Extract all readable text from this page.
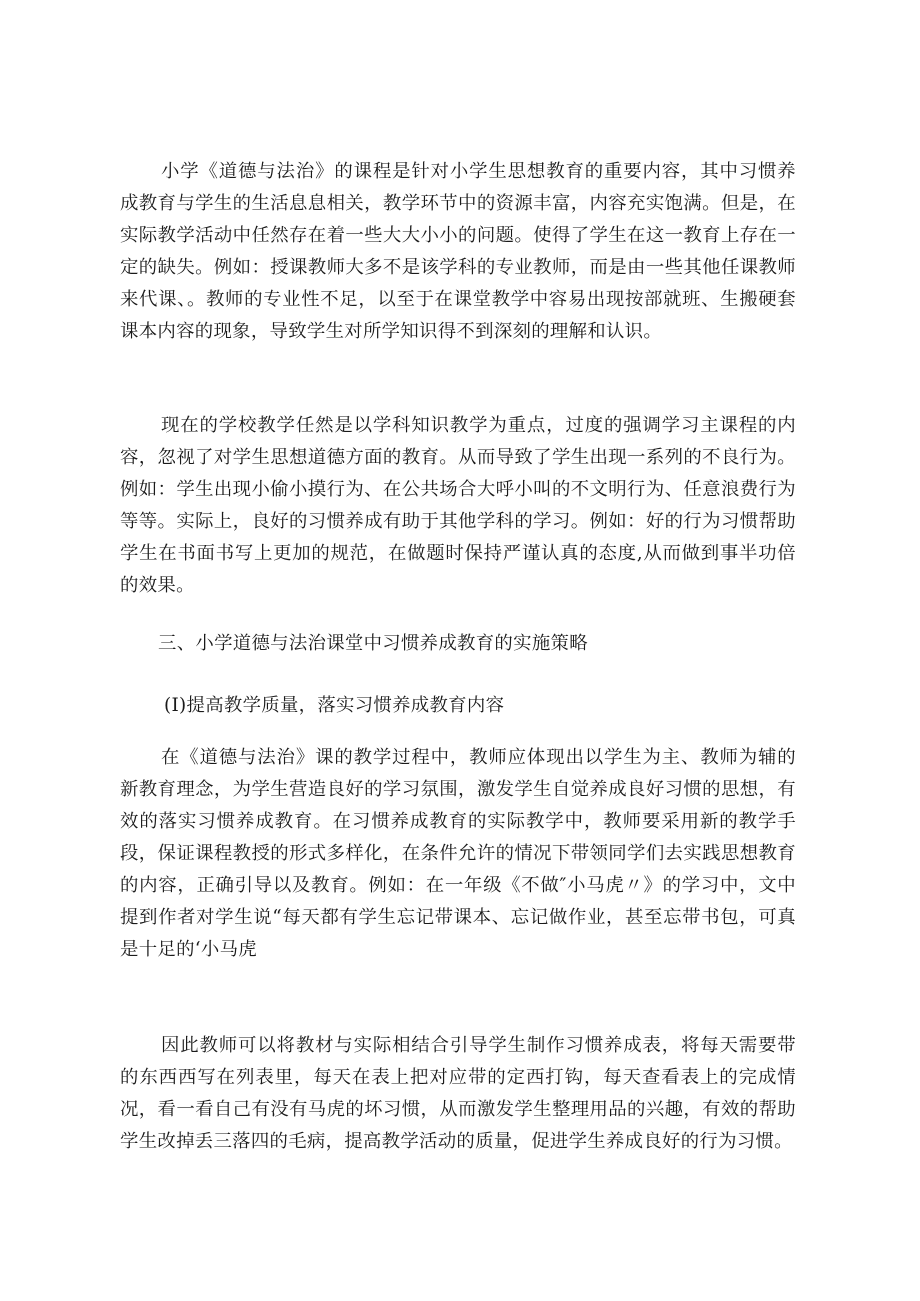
小学《道德与法治》的课程是针对小学生思想教育的重要内容，其中习惯养成教育与学生的生活息息相关，教学环节中的资源丰富，内容充实饱满。但是，在实际教学活动中任然存在着一些大大小小的问题。使得了学生在这一教育上存在一定的缺失。例如：授课教师大多不是该学科的专业教师，而是由一些其他任课教师来代课、。教师的专业性不足，以至于在课堂教学中容易出现按部就班、生搬硬套课本内容的现象，导致学生对所学知识得不到深刻的理解和认识。

现在的学校教学任然是以学科知识教学为重点，过度的强调学习主课程的内容，忽视了对学生思想道德方面的教育。从而导致了学生出现一系列的不良行为。例如：学生出现小偷小摸行为、在公共场合大呼小叫的不文明行为、任意浪费行为等等。实际上，良好的习惯养成有助于其他学科的学习。例如：好的行为习惯帮助学生在书面书写上更加的规范，在做题时保持严谨认真的态度,从而做到事半功倍的效果。

三、小学道德与法治课堂中习惯养成教育的实施策略

(I)提高教学质量，落实习惯养成教育内容

在《道德与法治》课的教学过程中，教师应体现出以学生为主、教师为辅的新教育理念，为学生营造良好的学习氛围，激发学生自觉养成良好习惯的思想，有效的落实习惯养成教育。在习惯养成教育的实际教学中，教师要采用新的教学手段，保证课程教授的形式多样化，在条件允许的情况下带领同学们去实践思想教育的内容，正确引导以及教育。例如：在一年级《不做″小马虎〃》的学习中，文中提到作者对学生说“每天都有学生忘记带课本、忘记做作业，甚至忘带书包，可真是十足的‘小马虎

因此教师可以将教材与实际相结合引导学生制作习惯养成表，将每天需要带的东西西写在列表里，每天在表上把对应带的定西打钩，每天查看表上的完成情况，看一看自己有没有马虎的坏习惯，从而激发学生整理用品的兴趣，有效的帮助学生改掉丢三落四的毛病，提高教学活动的质量，促进学生养成良好的行为习惯。
